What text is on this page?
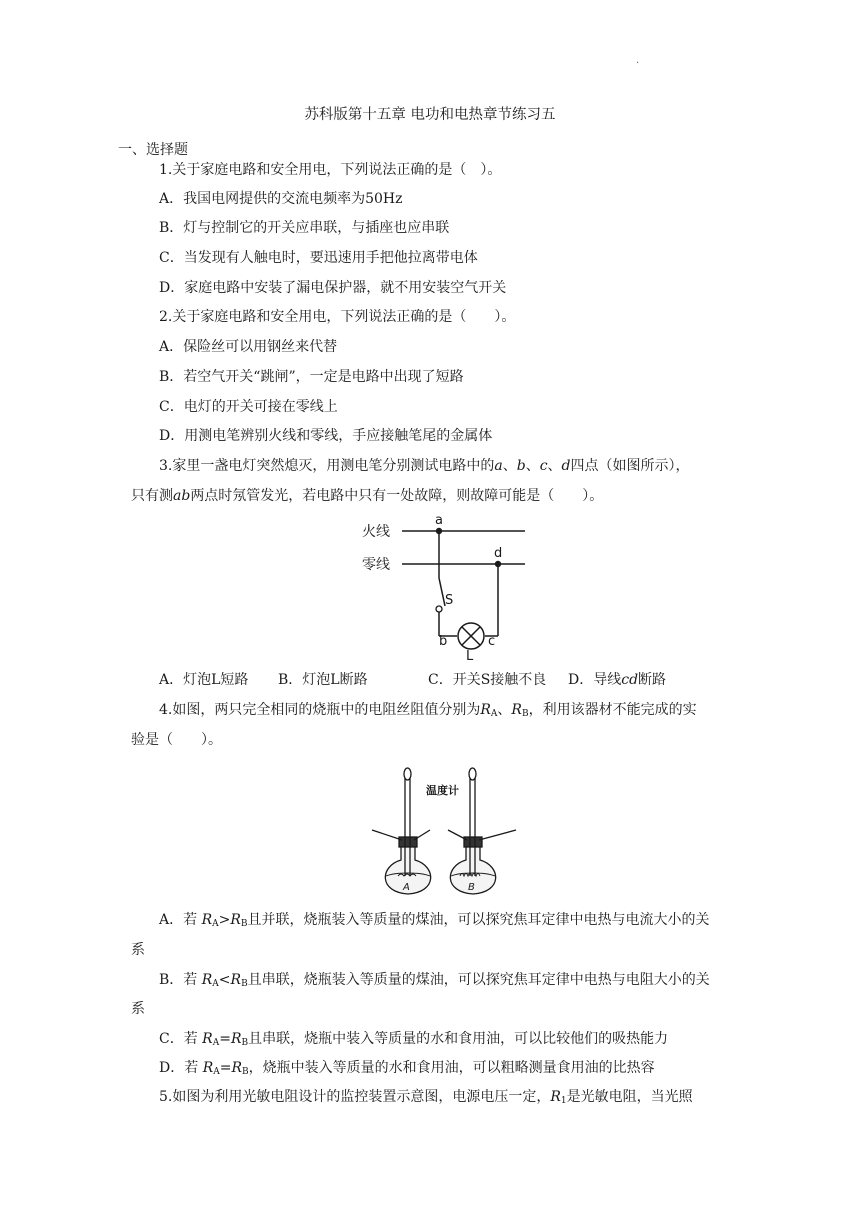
·
苏科版第十五章 电功和电热章节练习五
一、选择题
1.关于家庭电路和安全用电，下列说法正确的是（　）。
A．我国电网提供的交流电频率为50Hz
B．灯与控制它的开关应串联，与插座也应串联
C．当发现有人触电时，要迅速用手把他拉离带电体
D．家庭电路中安装了漏电保护器，就不用安装空气开关
2.关于家庭电路和安全用电，下列说法正确的是（　　）。
A．保险丝可以用钢丝来代替
B．若空气开关“跳闸”，一定是电路中出现了短路
C．电灯的开关可接在零线上
D．用测电笔辨别火线和零线，手应接触笔尾的金属体
3.家里一盏电灯突然熄灭，用测电笔分别测试电路中的a、b、c、d四点（如图所示），
只有测ab两点时氖管发光，若电路中只有一处故障，则故障可能是（　　）。
火线
零线
a
d
S
b	c
L
A．灯泡L短路 B．灯泡L断路	C．开关S接触不良 D．导线cd断路
4.如图，两只完全相同的烧瓶中的电阻丝阻值分别为$R_A$、$R_B$，利用该器材不能完成的实
验是（　　）。
温度计
A	B
A．若 $R_A>R_B$且并联，烧瓶装入等质量的煤油，可以探究焦耳定律中电热与电流大小的关
系
B．若 $R_A<R_B$且串联，烧瓶装入等质量的煤油，可以探究焦耳定律中电热与电阻大小的关
系
C．若 $R_A=R_B$且串联，烧瓶中装入等质量的水和食用油，可以比较他们的吸热能力
D．若 $R_A=R_B$，烧瓶中装入等质量的水和食用油，可以粗略测量食用油的比热容
5.如图为利用光敏电阻设计的监控装置示意图，电源电压一定，$R_1$是光敏电阻，当光照
